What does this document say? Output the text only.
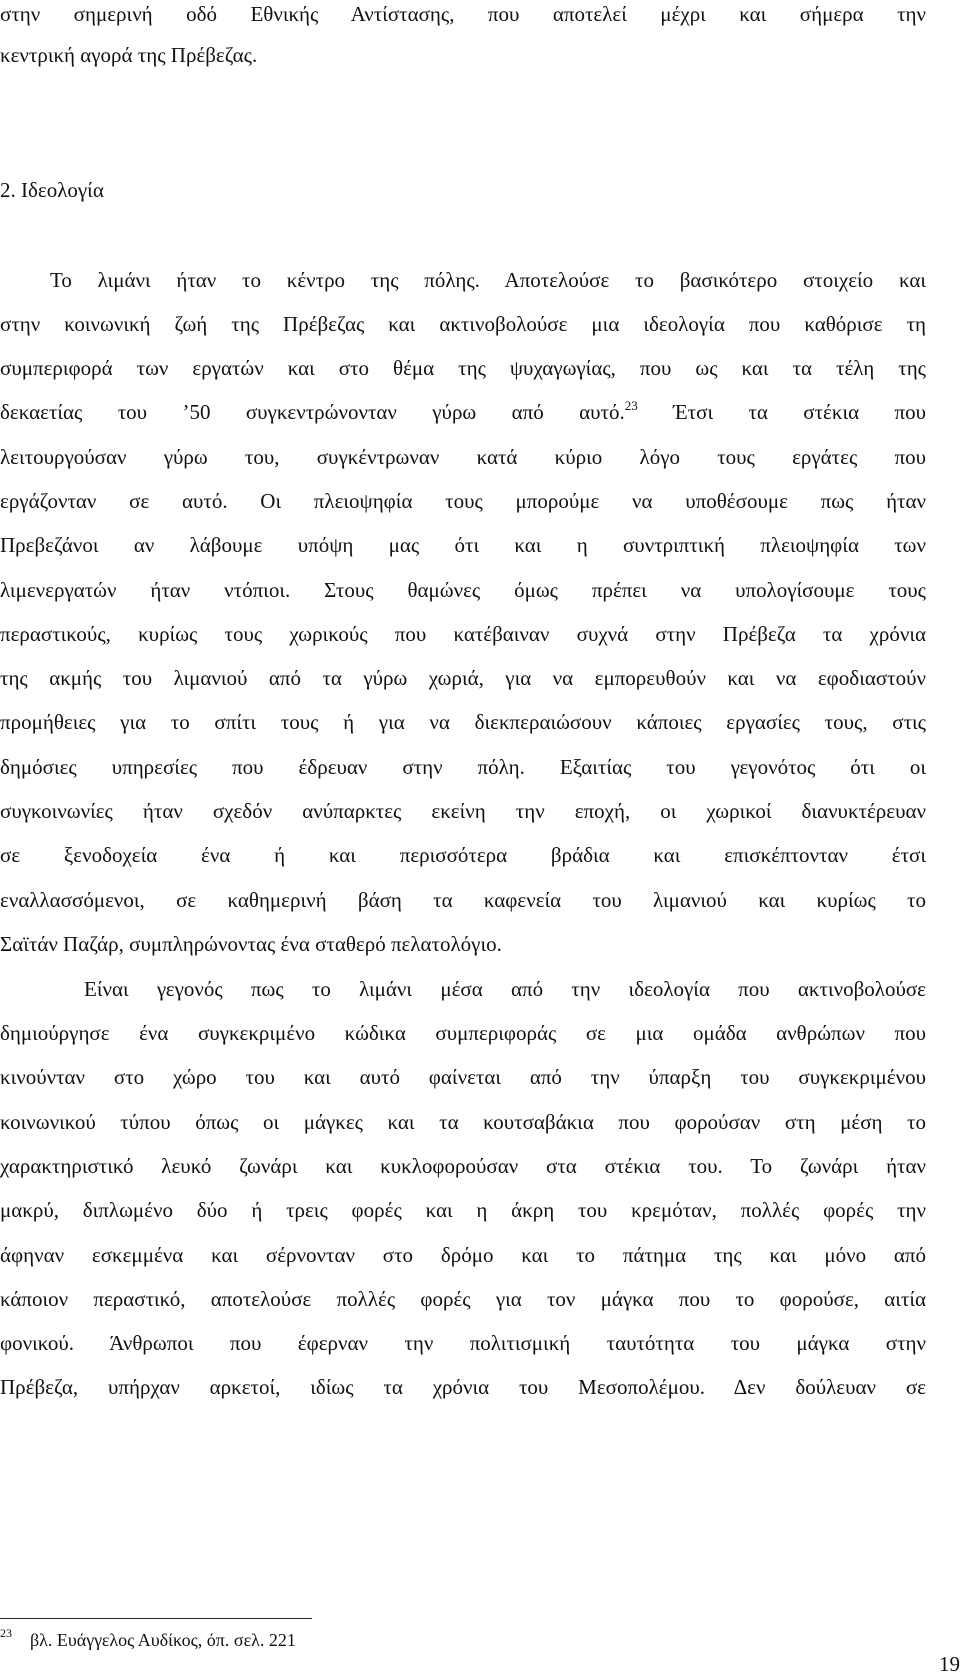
στην σημερινή οδό Εθνικής Αντίστασης, που αποτελεί μέχρι και σήμερα την
κεντρική αγορά της Πρέβεζας.
2. Ιδεολογία
Το λιμάνι ήταν το κέντρο της πόλης. Αποτελούσε το βασικότερο στοιχείο και
στην κοινωνική ζωή της Πρέβεζας και ακτινοβολούσε μια ιδεολογία που καθόρισε τη
συμπεριφορά των εργατών και στο θέμα της ψυχαγωγίας, που ως και τα τέλη της
δεκαετίας του ’50 συγκεντρώνονταν γύρω από αυτό.$^{23}$ Έτσι τα στέκια που
λειτουργούσαν γύρω του, συγκέντρωναν κατά κύριο λόγο τους εργάτες που
εργάζονταν σε αυτό. Οι πλειοψηφία τους μπορούμε να υποθέσουμε πως ήταν
Πρεβεζάνοι αν λάβουμε υπόψη μας ότι και η συντριπτική πλειοψηφία των
λιμενεργατών ήταν ντόπιοι. Στους θαμώνες όμως πρέπει να υπολογίσουμε τους
περαστικούς, κυρίως τους χωρικούς που κατέβαιναν συχνά στην Πρέβεζα τα χρόνια
της ακμής του λιμανιού από τα γύρω χωριά, για να εμπορευθούν και να εφοδιαστούν
προμήθειες για το σπίτι τους ή για να διεκπεραιώσουν κάποιες εργασίες τους, στις
δημόσιες υπηρεσίες που έδρευαν στην πόλη. Εξαιτίας του γεγονότος ότι οι
συγκοινωνίες ήταν σχεδόν ανύπαρκτες εκείνη την εποχή, οι χωρικοί διανυκτέρευαν
σε ξενοδοχεία ένα ή και περισσότερα βράδια και επισκέπτονταν έτσι
εναλλασσόμενοι, σε καθημερινή βάση τα καφενεία του λιμανιού και κυρίως το
Σαϊτάν Παζάρ, συμπληρώνοντας ένα σταθερό πελατολόγιο.
Είναι γεγονός πως το λιμάνι μέσα από την ιδεολογία που ακτινοβολούσε
δημιούργησε ένα συγκεκριμένο κώδικα συμπεριφοράς σε μια ομάδα ανθρώπων που
κινούνταν στο χώρο του και αυτό φαίνεται από την ύπαρξη του συγκεκριμένου
κοινωνικού τύπου όπως οι μάγκες και τα κουτσαβάκια που φορούσαν στη μέση το
χαρακτηριστικό λευκό ζωνάρι και κυκλοφορούσαν στα στέκια του. Το ζωνάρι ήταν
μακρύ, διπλωμένο δύο ή τρεις φορές και η άκρη του κρεμόταν, πολλές φορές την
άφηναν εσκεμμένα και σέρνονταν στο δρόμο και το πάτημα της και μόνο από
κάποιον περαστικό, αποτελούσε πολλές φορές για τον μάγκα που το φορούσε, αιτία
φονικού. Άνθρωποι που έφερναν την πολιτισμική ταυτότητα του μάγκα στην
Πρέβεζα, υπήρχαν αρκετοί, ιδίως τα χρόνια του Μεσοπολέμου. Δεν δούλευαν σε
$^{23}$ βλ. Ευάγγελος Αυδίκος, όπ. σελ. 221
19
